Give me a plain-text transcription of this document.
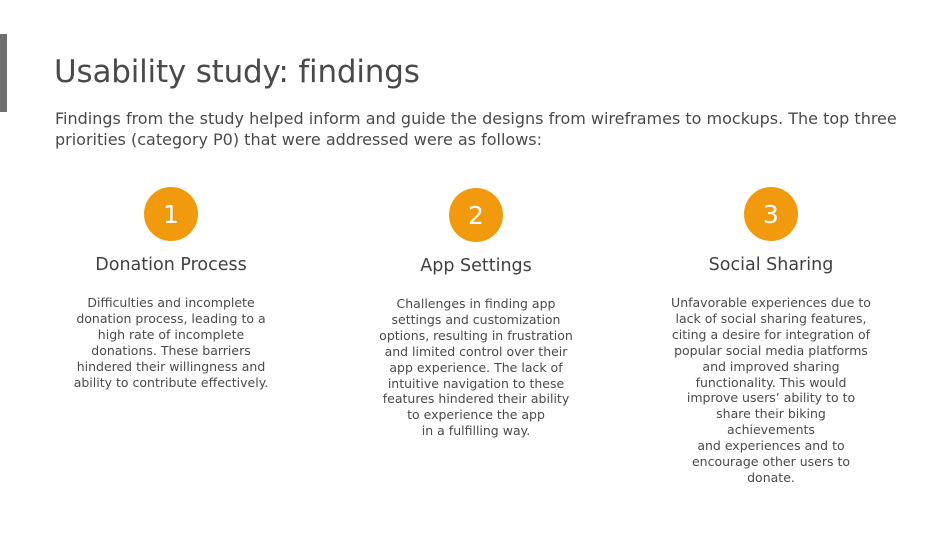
Usability study: findings

Findings from the study helped inform and guide the designs from wireframes to mockups. The top three priorities (category P0) that were addressed were as follows:

1
Donation Process

Difficulties and incomplete
donation process, leading to a
high rate of incomplete
donations. These barriers
hindered their willingness and
ability to contribute effectively.

2
App Settings

Challenges in finding app
settings and customization
options, resulting in frustration
and limited control over their
app experience. The lack of
intuitive navigation to these
features hindered their ability
to experience the app
in a fulfilling way.

3
Social Sharing

Unfavorable experiences due to
lack of social sharing features,
citing a desire for integration of
popular social media platforms
and improved sharing
functionality. This would
improve users’ ability to to
share their biking achievements
and experiences and to
encourage other users to
donate.
